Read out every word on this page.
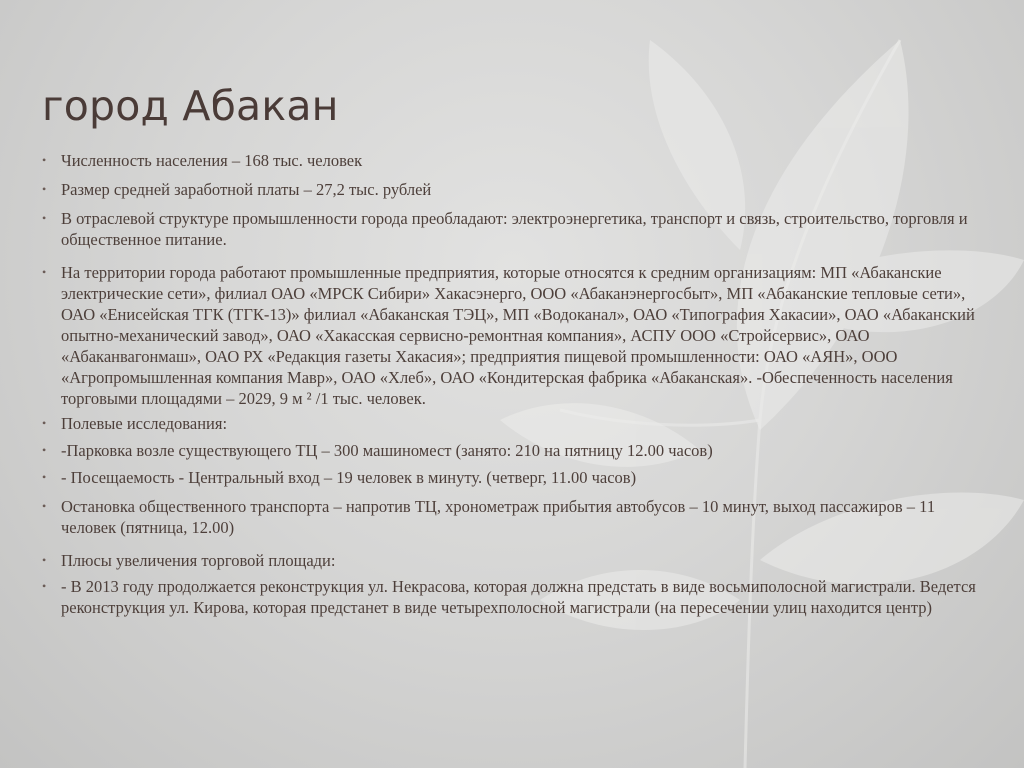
город Абакан
• Численность населения – 168 тыс. человек
• Размер средней заработной платы – 27,2 тыс. рублей
• В отраслевой структуре промышленности города преобладают: электроэнергетика, транспорт и связь, строительство, торговля и общественное питание.
• На территории города работают промышленные предприятия, которые относятся к средним организациям: МП «Абаканские электрические сети», филиал ОАО «МРСК Сибири» Хакасэнерго, ООО «Абаканэнергосбыт», МП «Абаканские тепловые сети», ОАО «Енисейская ТГК (ТГК-13)» филиал «Абаканская ТЭЦ», МП «Водоканал», ОАО «Типография Хакасии», ОАО «Абаканский опытно-механический завод», ОАО «Хакасская сервисно-ремонтная компания», АСПУ ООО «Стройсервис», ОАО «Абаканвагонмаш», ОАО РХ «Редакция газеты Хакасия»; предприятия пищевой промышленности: ОАО «АЯН», ООО «Агропромышленная компания Мавр», ОАО «Хлеб», ОАО «Кондитерская фабрика «Абаканская». -Обеспеченность населения торговыми площадями – 2029, 9 м ² /1 тыс. человек.
• Полевые исследования:
• -Парковка возле существующего ТЦ – 300 машиномест (занято: 210 на пятницу 12.00 часов)
• - Посещаемость - Центральный вход – 19 человек в минуту. (четверг, 11.00 часов)
• Остановка общественного транспорта – напротив ТЦ, хронометраж прибытия автобусов – 10 минут, выход пассажиров – 11 человек (пятница, 12.00)
• Плюсы увеличения торговой площади:
• - В 2013 году продолжается реконструкция ул. Некрасова, которая должна предстать в виде восьмиполосной магистрали. Ведется реконструкция ул. Кирова, которая предстанет в виде четырехполосной магистрали (на пересечении улиц находится центр)
